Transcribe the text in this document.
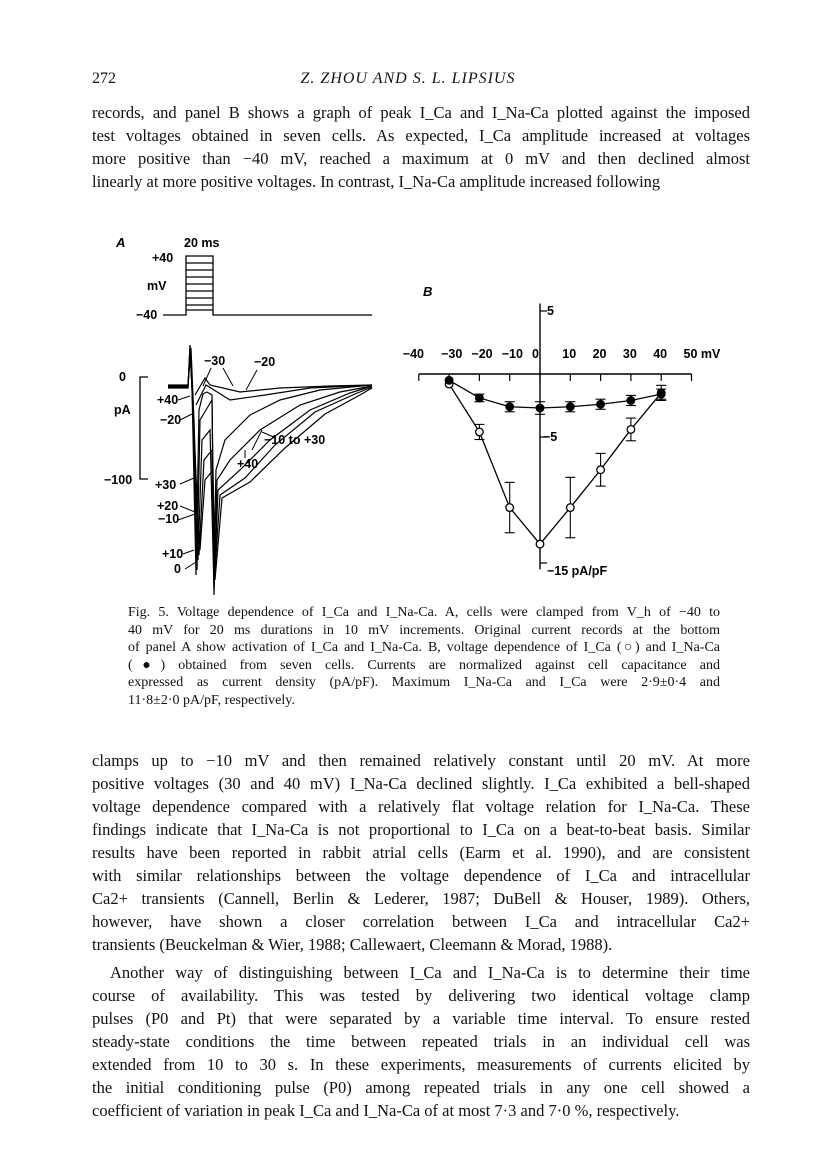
272	Z. ZHOU AND S. L. LIPSIUS
records, and panel B shows a graph of peak I_Ca and I_Na-Ca plotted against the imposed
test voltages obtained in seven cells. As expected, I_Ca amplitude increased at voltages
more positive than −40 mV, reached a maximum at 0 mV and then declined almost
linearly at more positive voltages. In contrast, I_Na-Ca amplitude increased following
A	20 ms
+40
mV
−40
0
pA
−100
−30 −20
+40
−20
+30
−10 to +30
+40
+20
−10
+10
0
B
−40 −30 −20 −10 0 10 20 30 40 50 mV
5
−5
−15 pA/pF
Fig. 5. Voltage dependence of I_Ca and I_Na-Ca. A, cells were clamped from V_h of −40 to
40 mV for 20 ms durations in 10 mV increments. Original current records at the bottom
of panel A show activation of I_Ca and I_Na-Ca. B, voltage dependence of I_Ca (○) and I_Na-Ca
(●) obtained from seven cells. Currents are normalized against cell capacitance and
expressed as current density (pA/pF). Maximum I_Na-Ca and I_Ca were 2·9±0·4 and
11·8±2·0 pA/pF, respectively.
clamps up to −10 mV and then remained relatively constant until 20 mV. At more
positive voltages (30 and 40 mV) I_Na-Ca declined slightly. I_Ca exhibited a bell-shaped
voltage dependence compared with a relatively flat voltage relation for I_Na-Ca. These
findings indicate that I_Na-Ca is not proportional to I_Ca on a beat-to-beat basis. Similar
results have been reported in rabbit atrial cells (Earm et al. 1990), and are consistent
with similar relationships between the voltage dependence of I_Ca and intracellular
Ca2+ transients (Cannell, Berlin & Lederer, 1987; DuBell & Houser, 1989). Others,
however, have shown a closer correlation between I_Ca and intracellular Ca2+
transients (Beuckelman & Wier, 1988; Callewaert, Cleemann & Morad, 1988).
Another way of distinguishing between I_Ca and I_Na-Ca is to determine their time
course of availability. This was tested by delivering two identical voltage clamp
pulses (P0 and Pt) that were separated by a variable time interval. To ensure rested
steady-state conditions the time between repeated trials in an individual cell was
extended from 10 to 30 s. In these experiments, measurements of currents elicited by
the initial conditioning pulse (P0) among repeated trials in any one cell showed a
coefficient of variation in peak I_Ca and I_Na-Ca of at most 7·3 and 7·0 %, respectively.
